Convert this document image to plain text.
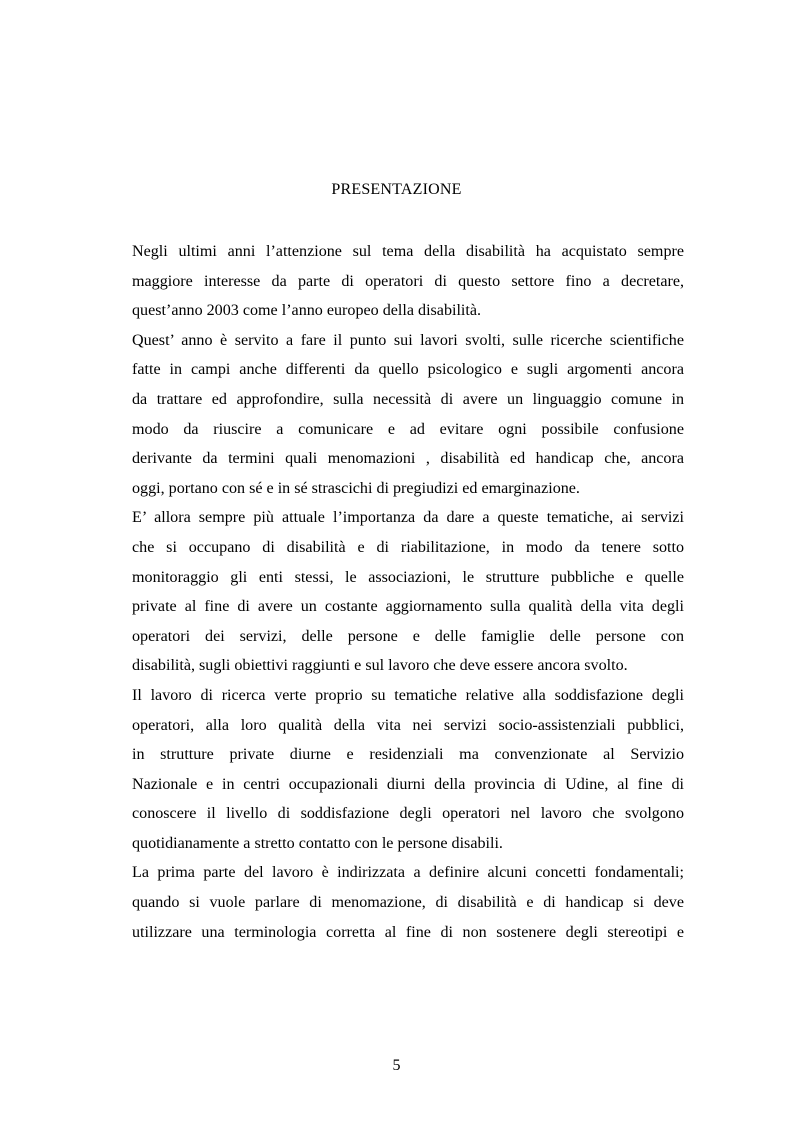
PRESENTAZIONE
Negli ultimi anni l’attenzione sul tema della disabilità ha acquistato sempre
maggiore interesse da parte di operatori di questo settore fino a decretare,
quest’anno 2003 come l’anno europeo della disabilità.
Quest’ anno è servito a fare il punto sui lavori svolti, sulle ricerche scientifiche
fatte in campi anche differenti da quello psicologico e sugli argomenti ancora
da trattare ed approfondire, sulla necessità di avere un linguaggio comune in
modo da riuscire a comunicare e ad evitare ogni possibile confusione
derivante da termini quali menomazioni , disabilità ed handicap che, ancora
oggi, portano con sé e in sé strascichi di pregiudizi ed emarginazione.
E’ allora sempre più attuale l’importanza da dare a queste tematiche, ai servizi
che si occupano di disabilità e di riabilitazione, in modo da tenere sotto
monitoraggio gli enti stessi, le associazioni, le strutture pubbliche e quelle
private al fine di avere un costante aggiornamento sulla qualità della vita degli
operatori dei servizi, delle persone e delle famiglie delle persone con
disabilità, sugli obiettivi raggiunti e sul lavoro che deve essere ancora svolto.
Il lavoro di ricerca verte proprio su tematiche relative alla soddisfazione degli
operatori, alla loro qualità della vita nei servizi socio-assistenziali pubblici,
in strutture private diurne e residenziali ma convenzionate al Servizio
Nazionale e in centri occupazionali diurni della provincia di Udine, al fine di
conoscere il livello di soddisfazione degli operatori nel lavoro che svolgono
quotidianamente a stretto contatto con le persone disabili.
La prima parte del lavoro è indirizzata a definire alcuni concetti fondamentali;
quando si vuole parlare di menomazione, di disabilità e di handicap si deve
utilizzare una terminologia corretta al fine di non sostenere degli stereotipi e
5
